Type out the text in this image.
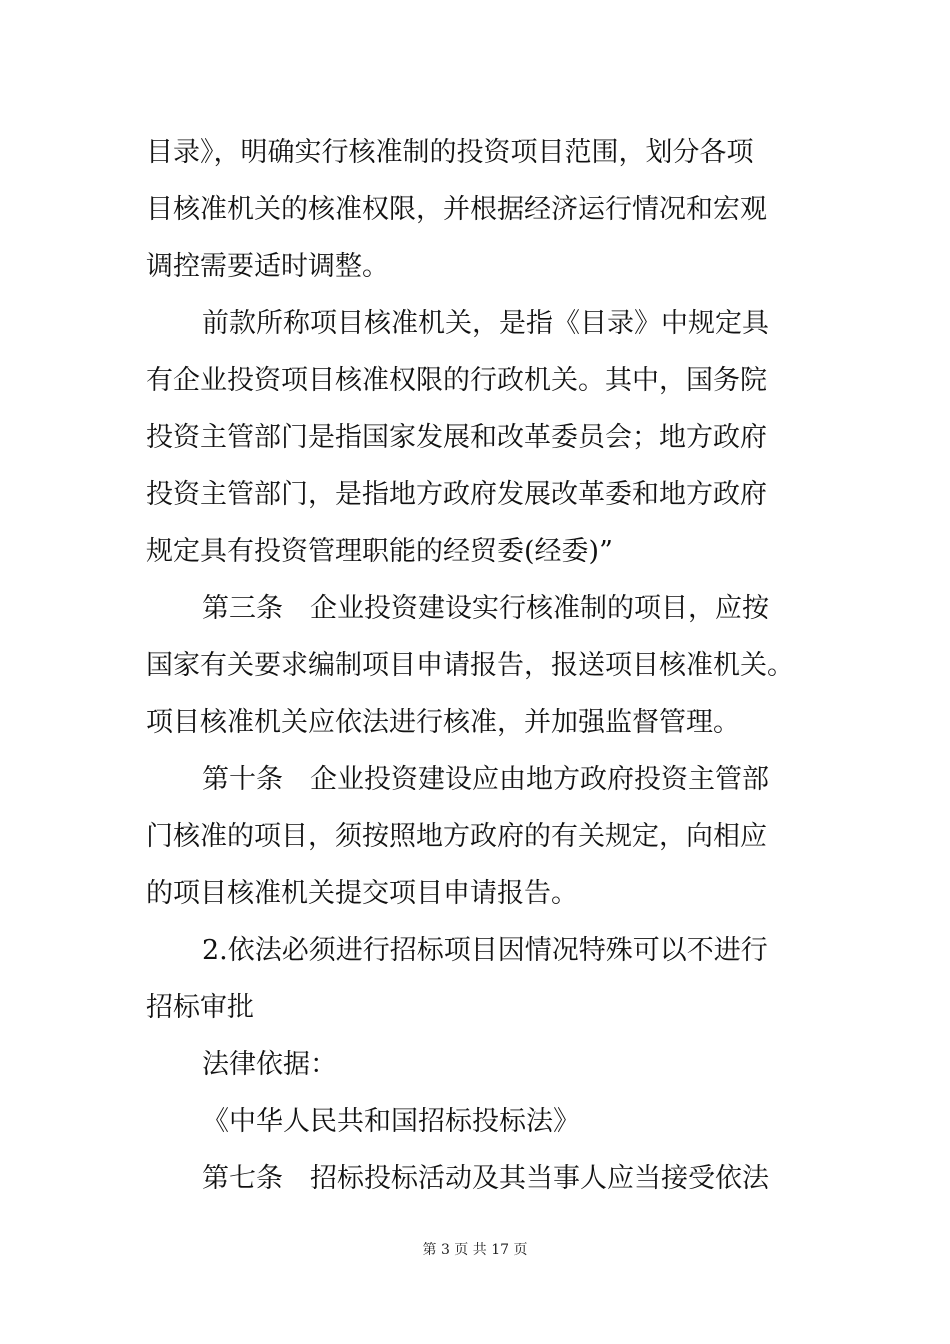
目录》，明确实行核准制的投资项目范围，划分各项
目核准机关的核准权限，并根据经济运行情况和宏观
调控需要适时调整。
前款所称项目核准机关，是指《目录》中规定具
有企业投资项目核准权限的行政机关。其中，国务院
投资主管部门是指国家发展和改革委员会；地方政府
投资主管部门，是指地方政府发展改革委和地方政府
规定具有投资管理职能的经贸委(经委)”
第三条　企业投资建设实行核准制的项目，应按
国家有关要求编制项目申请报告，报送项目核准机关。
项目核准机关应依法进行核准，并加强监督管理。
第十条　企业投资建设应由地方政府投资主管部
门核准的项目，须按照地方政府的有关规定，向相应
的项目核准机关提交项目申请报告。
2.依法必须进行招标项目因情况特殊可以不进行
招标审批
法律依据：
《中华人民共和国招标投标法》
第七条　招标投标活动及其当事人应当接受依法
第 3 页 共 17 页
